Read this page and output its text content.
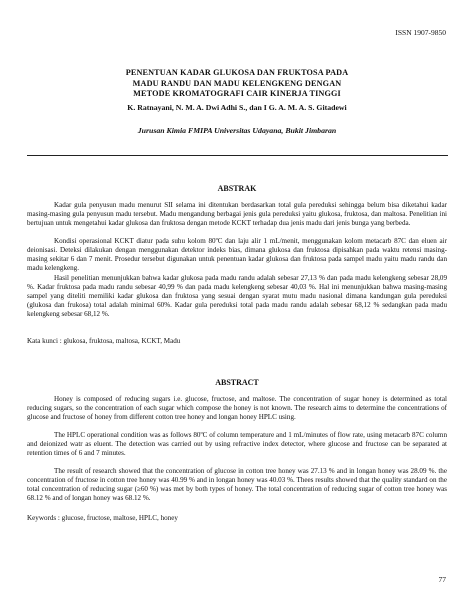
ISSN 1907-9850
PENENTUAN KADAR GLUKOSA DAN FRUKTOSA PADA
MADU RANDU DAN MADU KELENGKENG DENGAN
METODE KROMATOGRAFI CAIR KINERJA TINGGI
K. Ratnayani, N. M. A. Dwi Adhi S., dan I G. A. M. A. S. Gitadewi
Jurusan Kimia FMIPA Universitas Udayana, Bukit Jimbaran
ABSTRAK

Kadar gula penyusun madu menurut SII selama ini ditentukan berdasarkan total gula pereduksi sehingga belum bisa diketahui kadar masing-masing gula penyusun madu tersebut. Madu mengandung berbagai jenis gula pereduksi yaitu glukosa, fruktosa, dan maltosa. Penelitian ini bertujuan untuk mengetahui kadar glukosa dan fruktosa dengan metode KCKT terhadap dua jenis madu dari jenis bunga yang berbeda.

Kondisi operasional KCKT diatur pada suhu kolom 80ºC dan laju alir 1 mL/menit, menggunakan kolom metacarb 87C dan eluen air deionisasi. Deteksi dilakukan dengan menggunakan detektor indeks bias, dimana glukosa dan fruktosa dipisahkan pada waktu retensi masing-masing sekitar 6 dan 7 menit. Prosedur tersebut digunakan untuk penentuan kadar glukosa dan fruktosa pada sampel madu yaitu madu randu dan madu kelengkeng.

Hasil penelitian menunjukkan bahwa kadar glukosa pada madu randu adalah sebesar 27,13 % dan pada madu kelengkeng sebesar 28,09 %. Kadar fruktosa pada madu randu sebesar 40,99 % dan pada madu kelengkeng sebesar 40,03 %. Hal ini menunjukkan bahwa masing-masing sampel yang diteliti memiliki kadar glukosa dan fruktosa yang sesuai dengan syarat mutu madu nasional dimana kandungan gula pereduksi (glukosa dan frukosa) total adalah minimal 60%. Kadar gula pereduksi total pada madu randu adalah sebesar 68,12 % sedangkan pada madu kelengkeng sebesar 68,12 %.

Kata kunci : glukosa, fruktosa, maltosa, KCKT, Madu

ABSTRACT

Honey is composed of reducing sugars i.e. glucose, fructose, and maltose. The concentration of sugar honey is determined as total reducing sugars, so the concentration of each sugar which compose the honey is not known. The research aims to determine the concentrations of glucose and fructose of honey from different cotton tree honey and longan honey HPLC using.

The HPLC operational condition was as follows 80ºC of column temperature and 1 mL/minutes of flow rate, using metacarb 87C column and deionized watr as eluent. The detection was carried out by using refractive index detector, where glucose and fructose can be separated at retention times of 6 and 7 minutes.

The result of research showed that the concentration of glucose in cotton tree honey was 27.13 % and in longan honey was 28.09 %. the concentration of fructose in cotton tree honey was 40.99 % and in longan honey was 40.03 %. Thees results showed that the quality standard on the total concentration of reducing sugar (≥60 %) was met by both types of honey. The total concentration of reducing sugar of cotton tree honey was 68.12 % and of longan honey was 68.12 %.

Keywords : glucose, fructose, maltose, HPLC, honey

77
